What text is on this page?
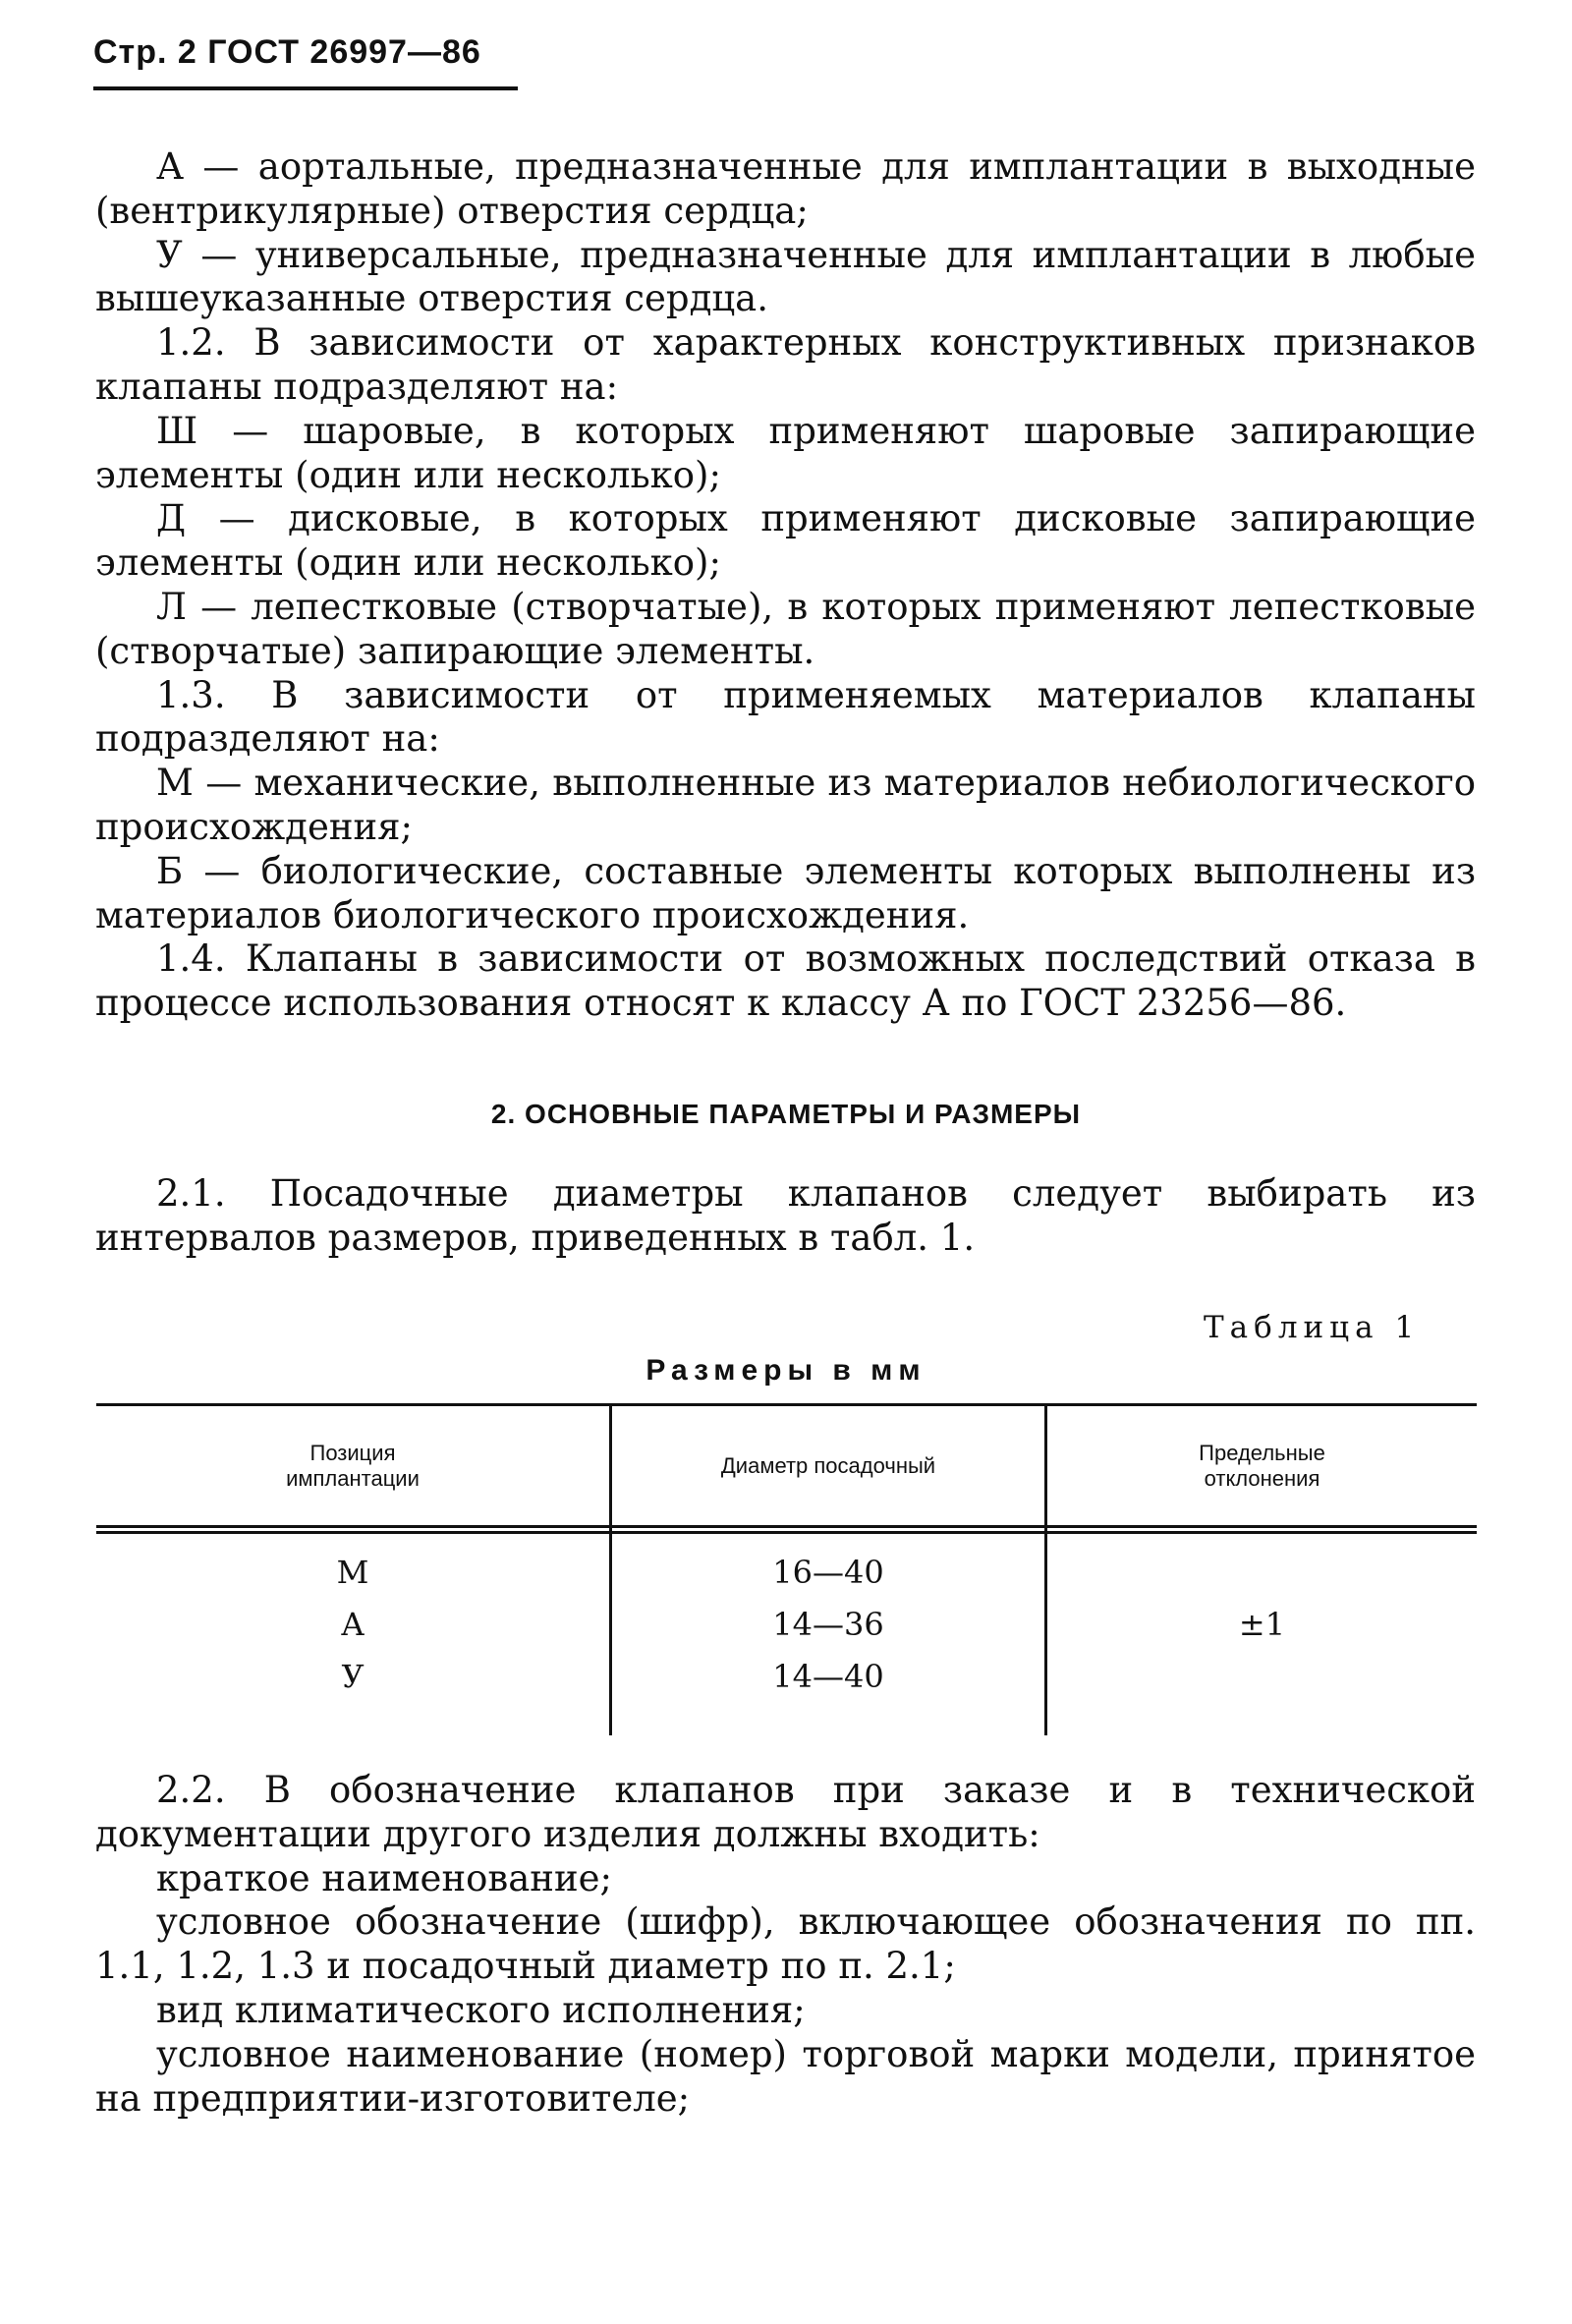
Стр. 2 ГОСТ 26997—86

А — аортальные, предназначенные для имплантации в выходные (вентрикулярные) отверстия сердца;

У — универсальные, предназначенные для имплантации в любые вышеуказанные отверстия сердца.

1.2. В зависимости от характерных конструктивных признаков клапаны подразделяют на:

Ш — шаровые, в которых применяют шаровые запирающие элементы (один или несколько);

Д — дисковые, в которых применяют дисковые запирающие элементы (один или несколько);

Л — лепестковые (створчатые), в которых применяют лепестковые (створчатые) запирающие элементы.

1.3. В зависимости от применяемых материалов клапаны подразделяют на:

М — механические, выполненные из материалов небиологического происхождения;

Б — биологические, составные элементы которых выполнены из материалов биологического происхождения.

1.4. Клапаны в зависимости от возможных последствий отказа в процессе использования относят к классу А по ГОСТ 23256—86.

2. ОСНОВНЫЕ ПАРАМЕТРЫ И РАЗМЕРЫ

2.1. Посадочные диаметры клапанов следует выбирать из интервалов размеров, приведенных в табл. 1.

Таблица 1
Размеры в мм
Позиция имплантации
Диаметр посадочный
Предельные отклонения
М
А
У
16—40
14—36
14—40
±1

2.2. В обозначение клапанов при заказе и в технической документации другого изделия должны входить:

краткое наименование;

условное обозначение (шифр), включающее обозначения по пп. 1.1, 1.2, 1.3 и посадочный диаметр по п. 2.1;

вид климатического исполнения;

условное наименование (номер) торговой марки модели, принятое на предприятии-изготовителе;
